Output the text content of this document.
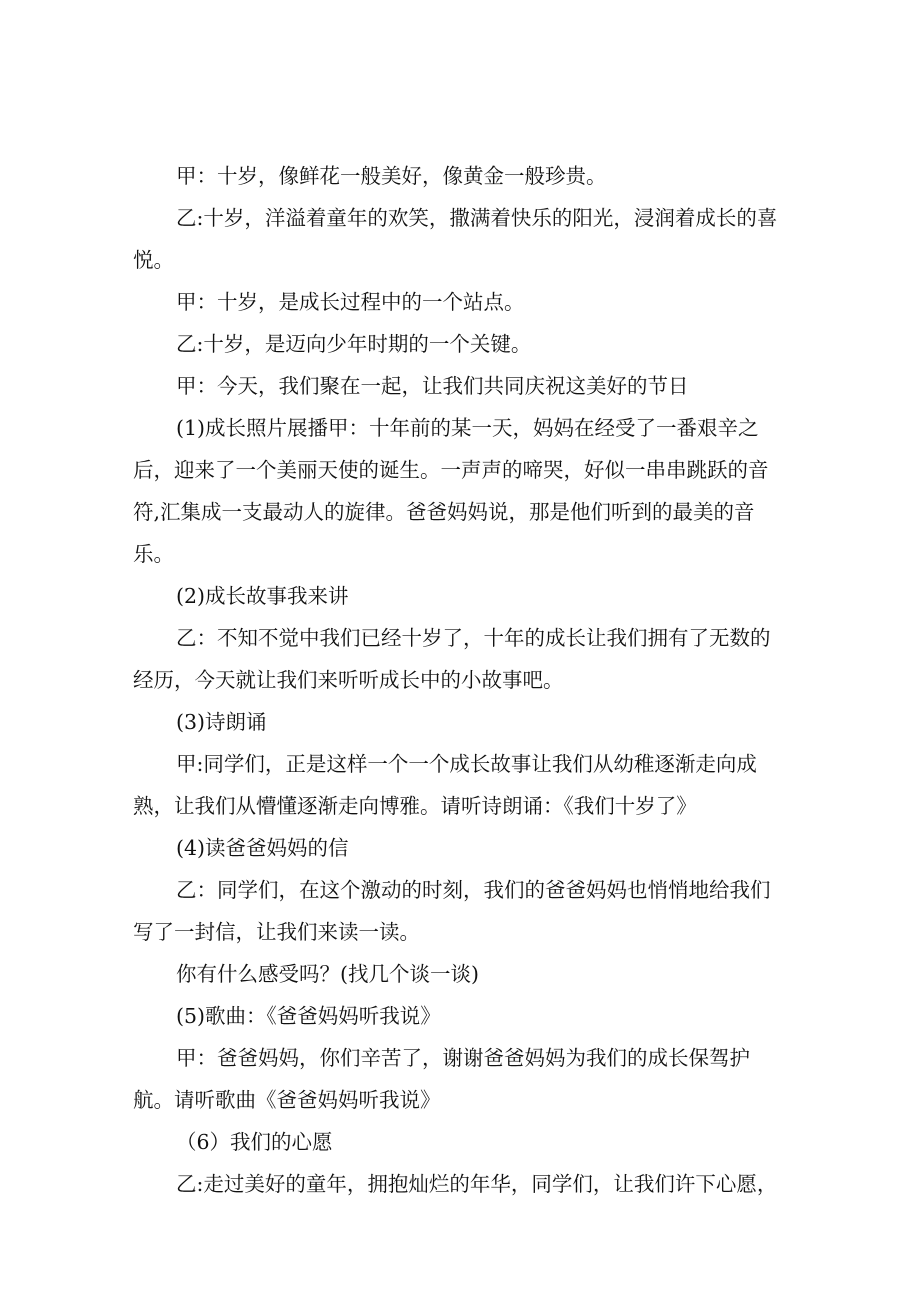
甲：十岁，像鲜花一般美好，像黄金一般珍贵。

乙:十岁，洋溢着童年的欢笑，撒满着快乐的阳光，浸润着成长的喜悦。

甲：十岁，是成长过程中的一个站点。

乙:十岁，是迈向少年时期的一个关键。

甲：今天，我们聚在一起，让我们共同庆祝这美好的节日

(1)成长照片展播甲：十年前的某一天，妈妈在经受了一番艰辛之后，迎来了一个美丽天使的诞生。一声声的啼哭，好似一串串跳跃的音符,汇集成一支最动人的旋律。爸爸妈妈说，那是他们听到的最美的音乐。

(2)成长故事我来讲

乙：不知不觉中我们已经十岁了，十年的成长让我们拥有了无数的经历，今天就让我们来听听成长中的小故事吧。

(3)诗朗诵

甲:同学们，正是这样一个一个成长故事让我们从幼稚逐渐走向成熟，让我们从懵懂逐渐走向博雅。请听诗朗诵：《我们十岁了》

(4)读爸爸妈妈的信

乙：同学们，在这个激动的时刻，我们的爸爸妈妈也悄悄地给我们写了一封信，让我们来读一读。

你有什么感受吗？(找几个谈一谈)

(5)歌曲：《爸爸妈妈听我说》

甲：爸爸妈妈，你们辛苦了，谢谢爸爸妈妈为我们的成长保驾护航。请听歌曲《爸爸妈妈听我说》

（6）我们的心愿

乙:走过美好的童年，拥抱灿烂的年华，同学们，让我们许下心愿，
